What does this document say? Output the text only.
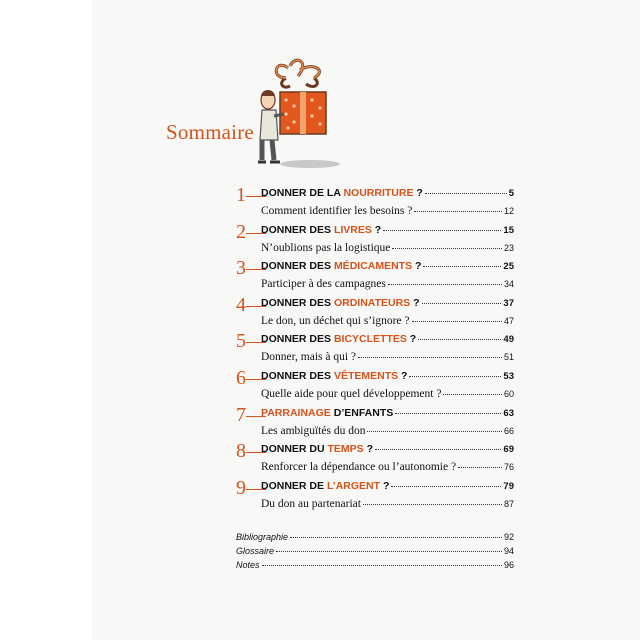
Sommaire
1—
DONNER DE LA NOURRITURE ?	5
Comment identifier les besoins ?	12
2—
DONNER DES LIVRES ?	15
N’oublions pas la logistique	23
3—
DONNER DES MÉDICAMENTS ?	25
Participer à des campagnes	34
4—
DONNER DES ORDINATEURS ?	37
Le don, un déchet qui s’ignore ?	47
5—
DONNER DES BICYCLETTES ?	49
Donner, mais à qui ?	51
6—
DONNER DES VÊTEMENTS ?	53
Quelle aide pour quel développement ?	60
7—
PARRAINAGE D’ENFANTS	63
Les ambiguïtés du don	66
8—
DONNER DU TEMPS ?	69
Renforcer la dépendance ou l’autonomie ?	76
9—
DONNER DE L’ARGENT ?	79
Du don au partenariat	87
Bibliographie	92
Glossaire	94
Notes	96
